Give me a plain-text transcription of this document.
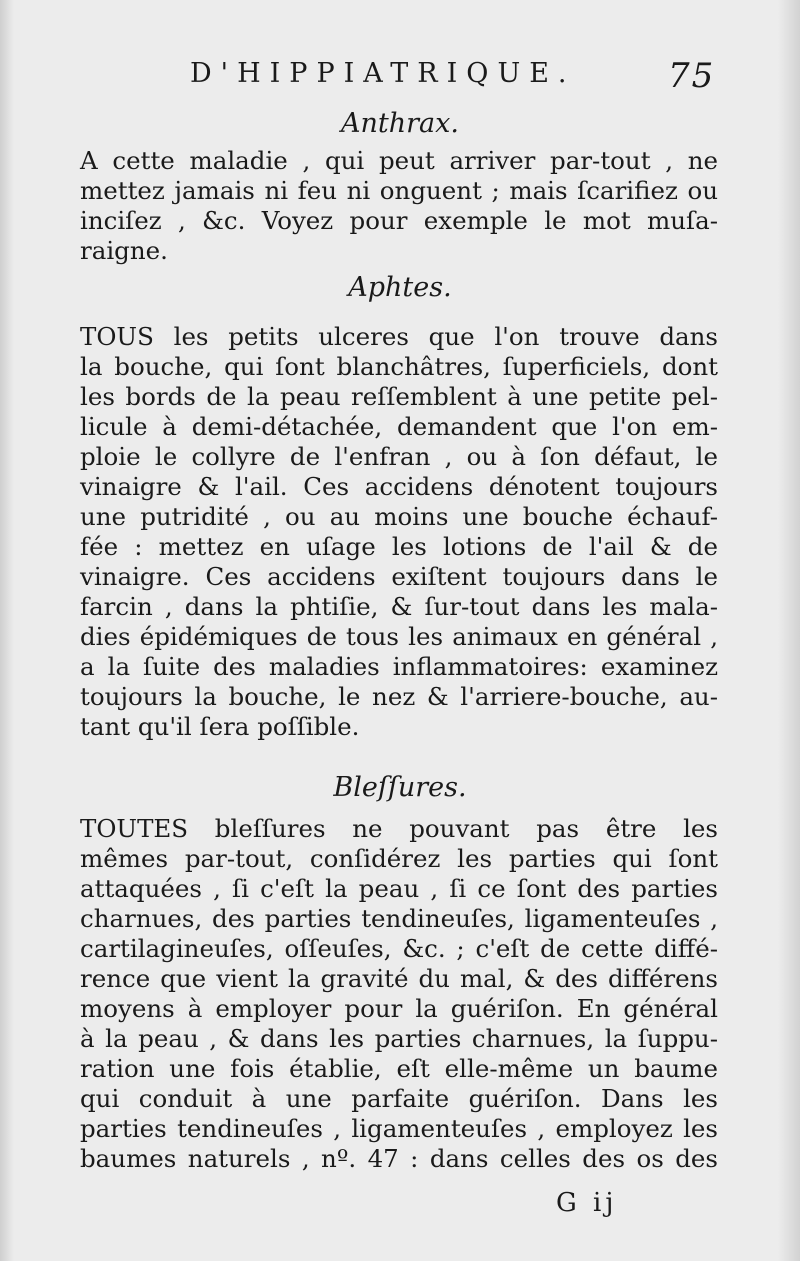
D'HIPPIATRIQUE.	75
Anthrax.
A cette maladie , qui peut arriver par-tout , ne
mettez jamais ni feu ni onguent ; mais ſcarifiez ou
inciſez , &c. Voyez pour exemple le mot muſa-
raigne.
Aphtes.
TOUS les petits ulceres que l'on trouve dans
la bouche, qui ſont blanchâtres, ſuperficiels, dont
les bords de la peau reſſemblent à une petite pel-
licule à demi-détachée, demandent que l'on em-
ploie le collyre de l'enfran , ou à ſon défaut, le
vinaigre & l'ail. Ces accidens dénotent toujours
une putridité , ou au moins une bouche échauf-
fée : mettez en uſage les lotions de l'ail & de
vinaigre. Ces accidens exiſtent toujours dans le
farcin , dans la phtiſie, & ſur-tout dans les mala-
dies épidémiques de tous les animaux en général ,
a la ſuite des maladies inflammatoires: examinez
toujours la bouche, le nez & l'arriere-bouche, au-
tant qu'il ſera poſſible.
Bleſſures.
TOUTES bleſſures ne pouvant pas être les
mêmes par-tout, conſidérez les parties qui ſont
attaquées , ſi c'eſt la peau , ſi ce ſont des parties
charnues, des parties tendineuſes, ligamenteuſes ,
cartilagineuſes, oſſeuſes, &c. ; c'eſt de cette diffé-
rence que vient la gravité du mal, & des différens
moyens à employer pour la guériſon. En général
à la peau , & dans les parties charnues, la ſuppu-
ration une fois établie, eſt elle-même un baume
qui conduit à une parfaite guériſon. Dans les
parties tendineuſes , ligamenteuſes , employez les
baumes naturels , nº. 47 : dans celles des os des
G ij
